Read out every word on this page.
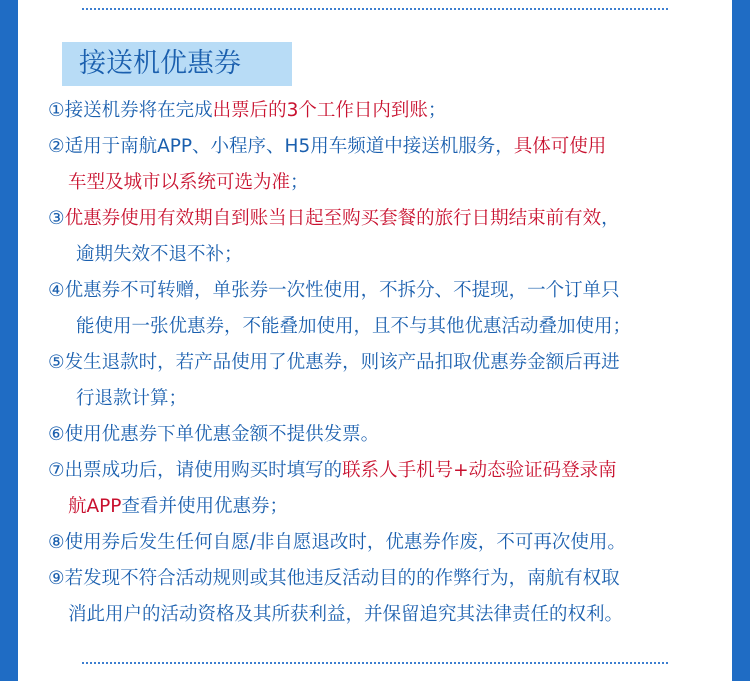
接送机优惠券
①接送机券将在完成出票后的3个工作日内到账；
②适用于南航APP、小程序、H5用车频道中接送机服务，具体可使用
车型及城市以系统可选为准；
③优惠券使用有效期自到账当日起至购买套餐的旅行日期结束前有效，
逾期失效不退不补；
④优惠券不可转赠，单张券一次性使用，不拆分、不提现，一个订单只
能使用一张优惠券，不能叠加使用，且不与其他优惠活动叠加使用；
⑤发生退款时，若产品使用了优惠券，则该产品扣取优惠券金额后再进
行退款计算；
⑥使用优惠券下单优惠金额不提供发票。
⑦出票成功后，请使用购买时填写的联系人手机号+动态验证码登录南
航APP查看并使用优惠券；
⑧使用券后发生任何自愿/非自愿退改时，优惠券作废，不可再次使用。
⑨若发现不符合活动规则或其他违反活动目的的作弊行为，南航有权取
消此用户的活动资格及其所获利益，并保留追究其法律责任的权利。
